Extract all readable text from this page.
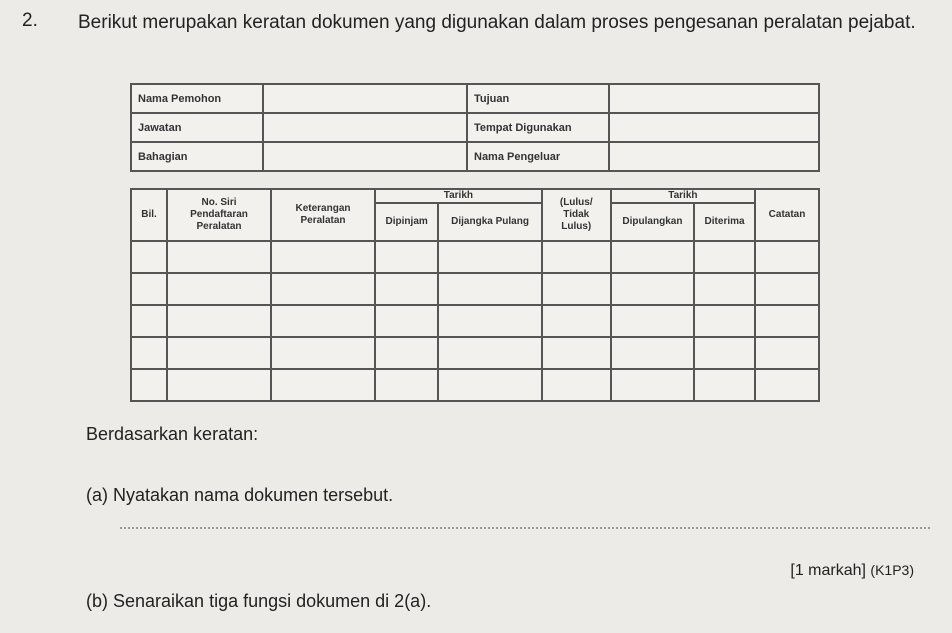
2. Berikut merupakan keratan dokumen yang digunakan dalam proses pengesanan peralatan pejabat.
Nama Pemohon		Tujuan	
Jawatan		Tempat Digunakan	
Bahagian		Nama Pengeluar	
Bil.	No. Siri Pendaftaran Peralatan	Keterangan Peralatan	Tarikh		(Lulus/ Tidak Lulus)	Tarikh		Catatan
			Dipinjam	Dijangka Pulang		Dipulangkan	Diterima	

Berdasarkan keratan:
(a) Nyatakan nama dokumen tersebut.
[1 markah] (K1P3)
(b) Senaraikan tiga fungsi dokumen di 2(a).
